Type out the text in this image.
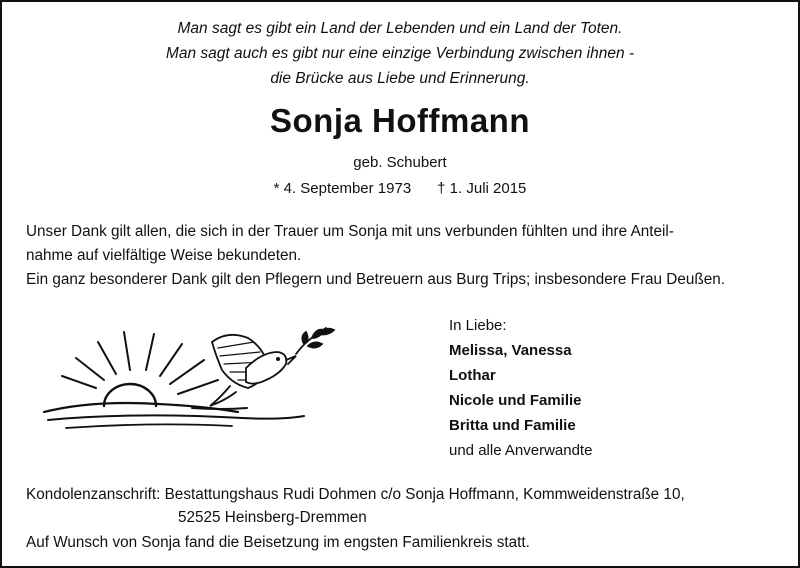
Man sagt es gibt ein Land der Lebenden und ein Land der Toten.
Man sagt auch es gibt nur eine einzige Verbindung zwischen ihnen -
die Brücke aus Liebe und Erinnerung.
Sonja Hoffmann
geb. Schubert
* 4. September 1973 † 1. Juli 2015
Unser Dank gilt allen, die sich in der Trauer um Sonja mit uns verbunden fühlten und ihre Anteil-
nahme auf vielfältige Weise bekundeten.
Ein ganz besonderer Dank gilt den Pflegern und Betreuern aus Burg Trips; insbesondere Frau Deußen.
In Liebe:
Melissa, Vanessa
Lothar
Nicole und Familie
Britta und Familie
und alle Anverwandte
Kondolenzanschrift: Bestattungshaus Rudi Dohmen c/o Sonja Hoffmann, Kommweidenstraße 10,
52525 Heinsberg-Dremmen
Auf Wunsch von Sonja fand die Beisetzung im engsten Familienkreis statt.
